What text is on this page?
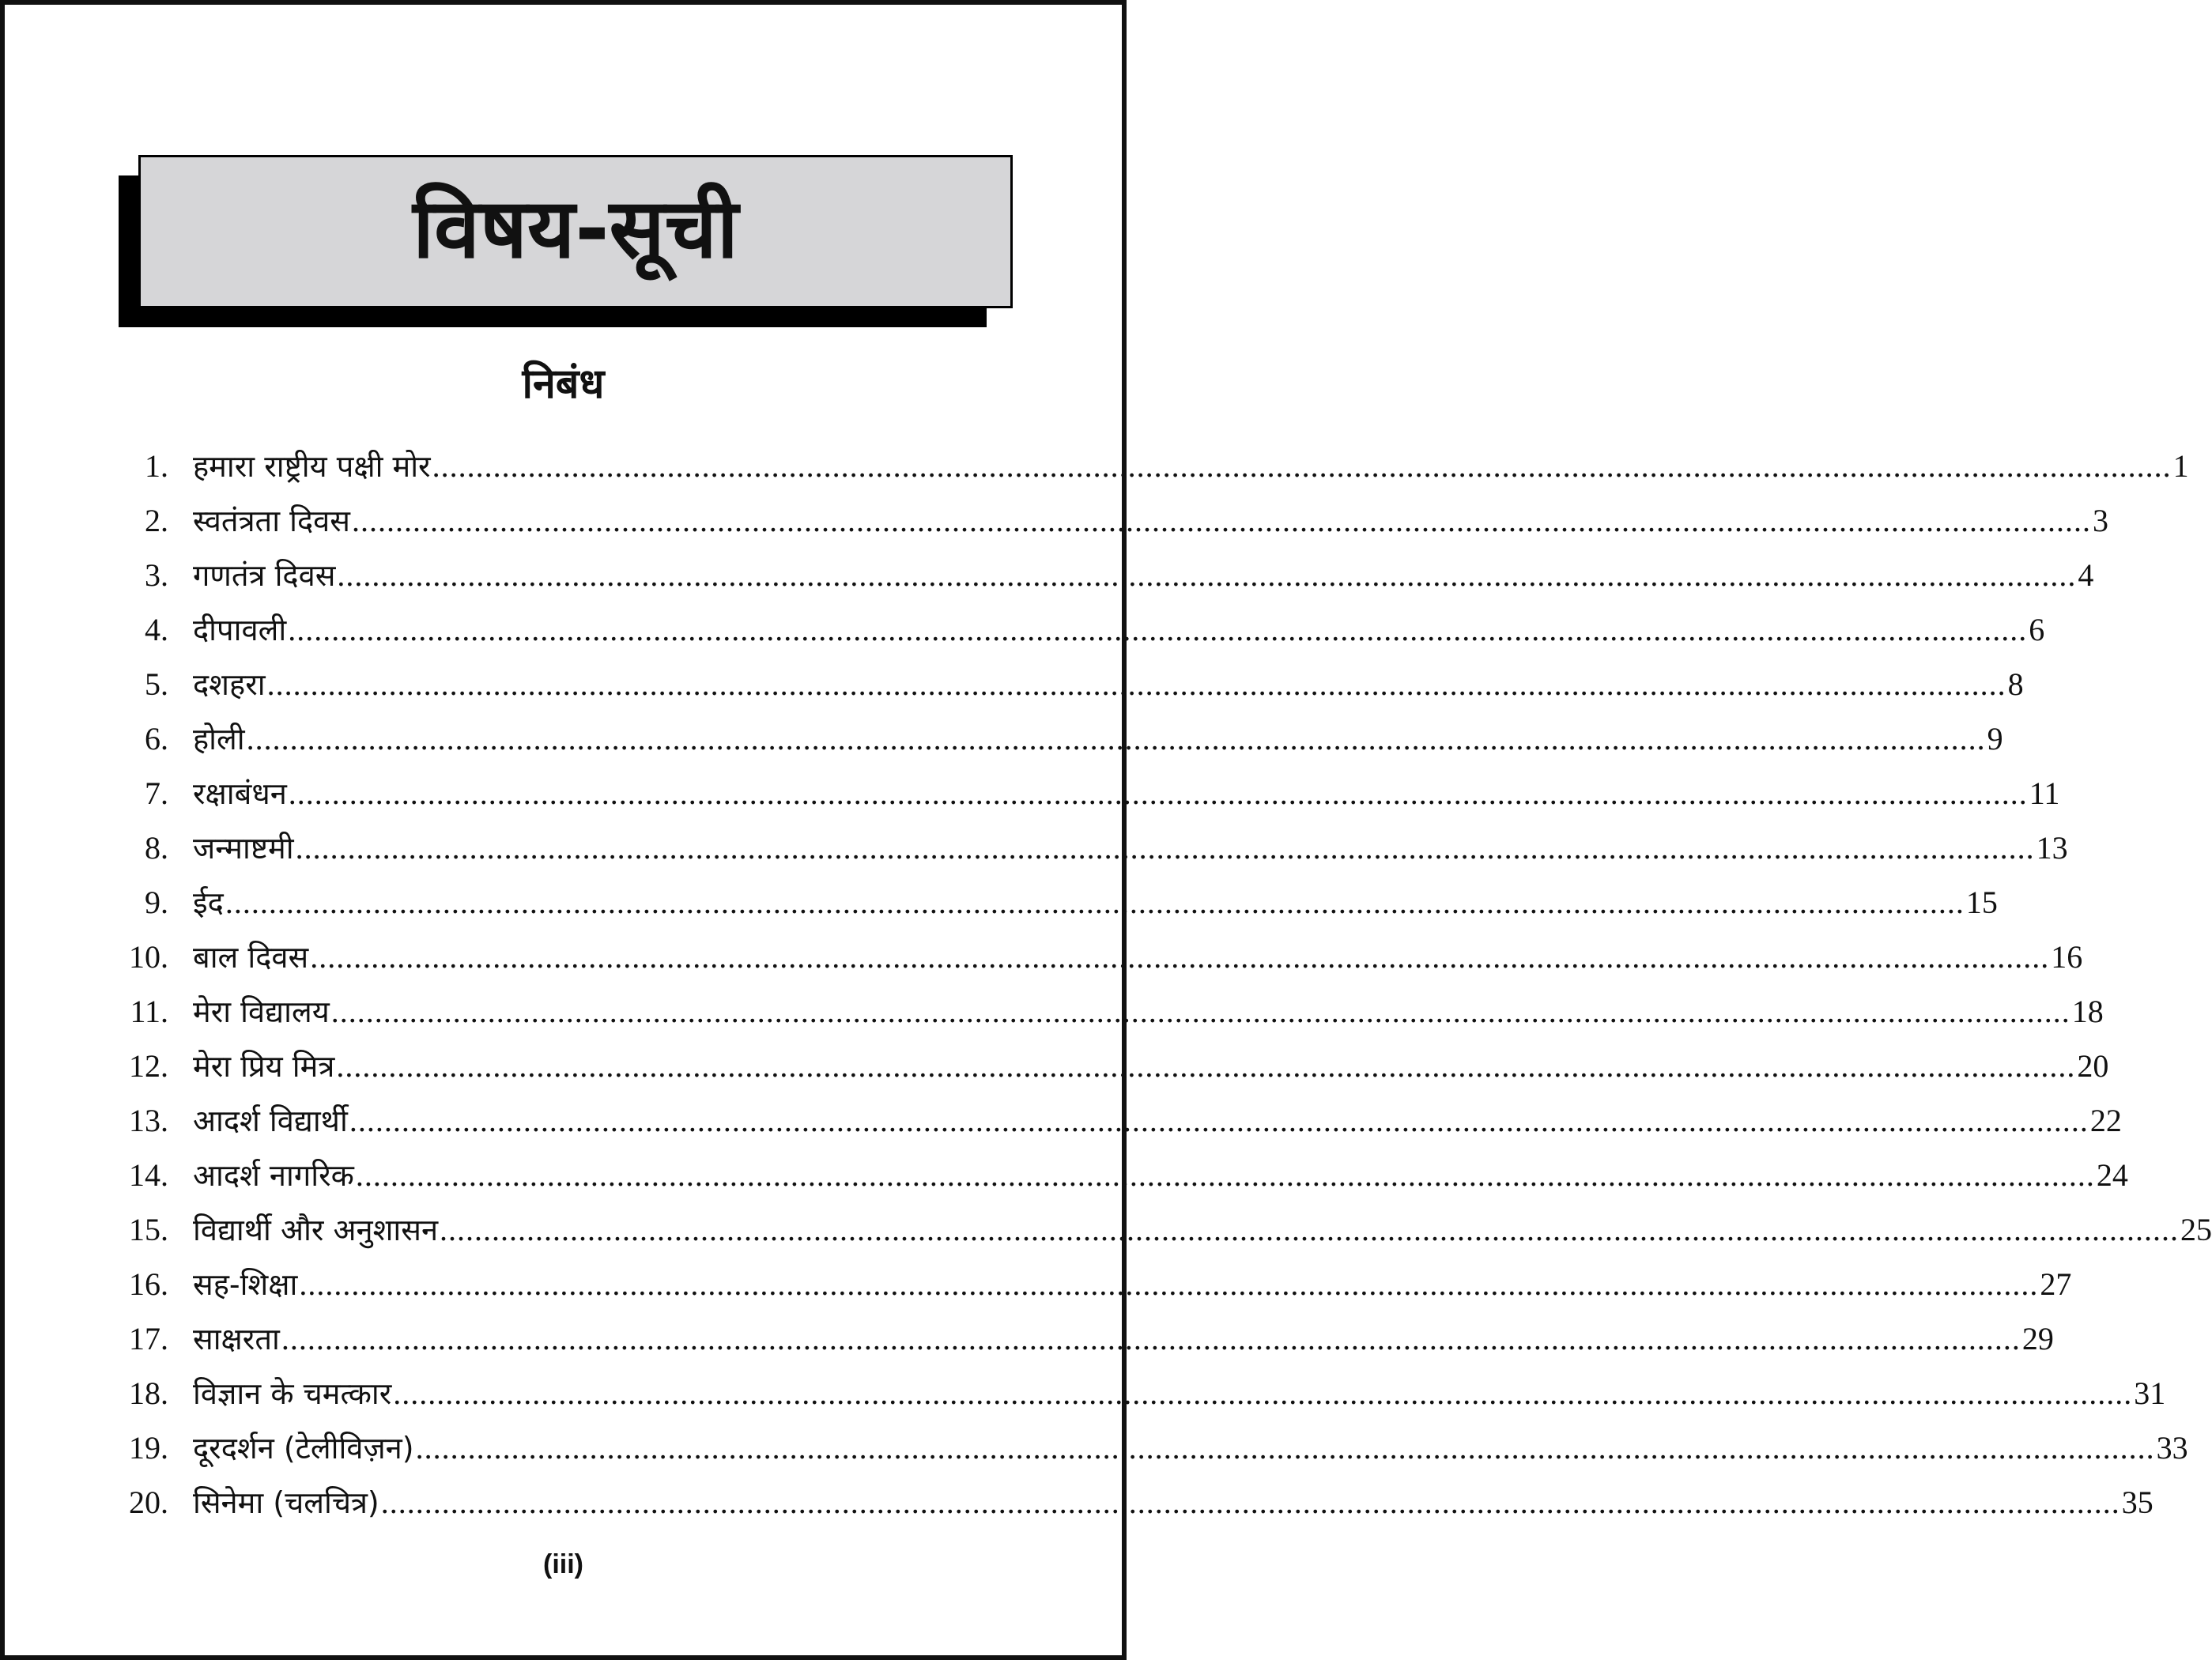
विषय-सूची
निबंध
1. हमारा राष्ट्रीय पक्षी मोर ........................................................................................................................................................................................................ 1
2. स्वतंत्रता दिवस ........................................................................................................................................................................................................ 3
3. गणतंत्र दिवस ........................................................................................................................................................................................................ 4
4. दीपावली ........................................................................................................................................................................................................ 6
5. दशहरा ........................................................................................................................................................................................................ 8
6. होली ........................................................................................................................................................................................................ 9
7. रक्षाबंधन ........................................................................................................................................................................................................ 11
8. जन्माष्टमी ........................................................................................................................................................................................................ 13
9. ईद ........................................................................................................................................................................................................ 15
10. बाल दिवस ........................................................................................................................................................................................................ 16
11. मेरा विद्यालय ........................................................................................................................................................................................................ 18
12. मेरा प्रिय मित्र ........................................................................................................................................................................................................ 20
13. आदर्श विद्यार्थी ........................................................................................................................................................................................................ 22
14. आदर्श नागरिक ........................................................................................................................................................................................................ 24
15. विद्यार्थी और अनुशासन ........................................................................................................................................................................................................ 25
16. सह-शिक्षा ........................................................................................................................................................................................................ 27
17. साक्षरता ........................................................................................................................................................................................................ 29
18. विज्ञान के चमत्कार ........................................................................................................................................................................................................ 31
19. दूरदर्शन (टेलीविज़न) ........................................................................................................................................................................................................ 33
20. सिनेमा (चलचित्र) ........................................................................................................................................................................................................ 35
(iii)
